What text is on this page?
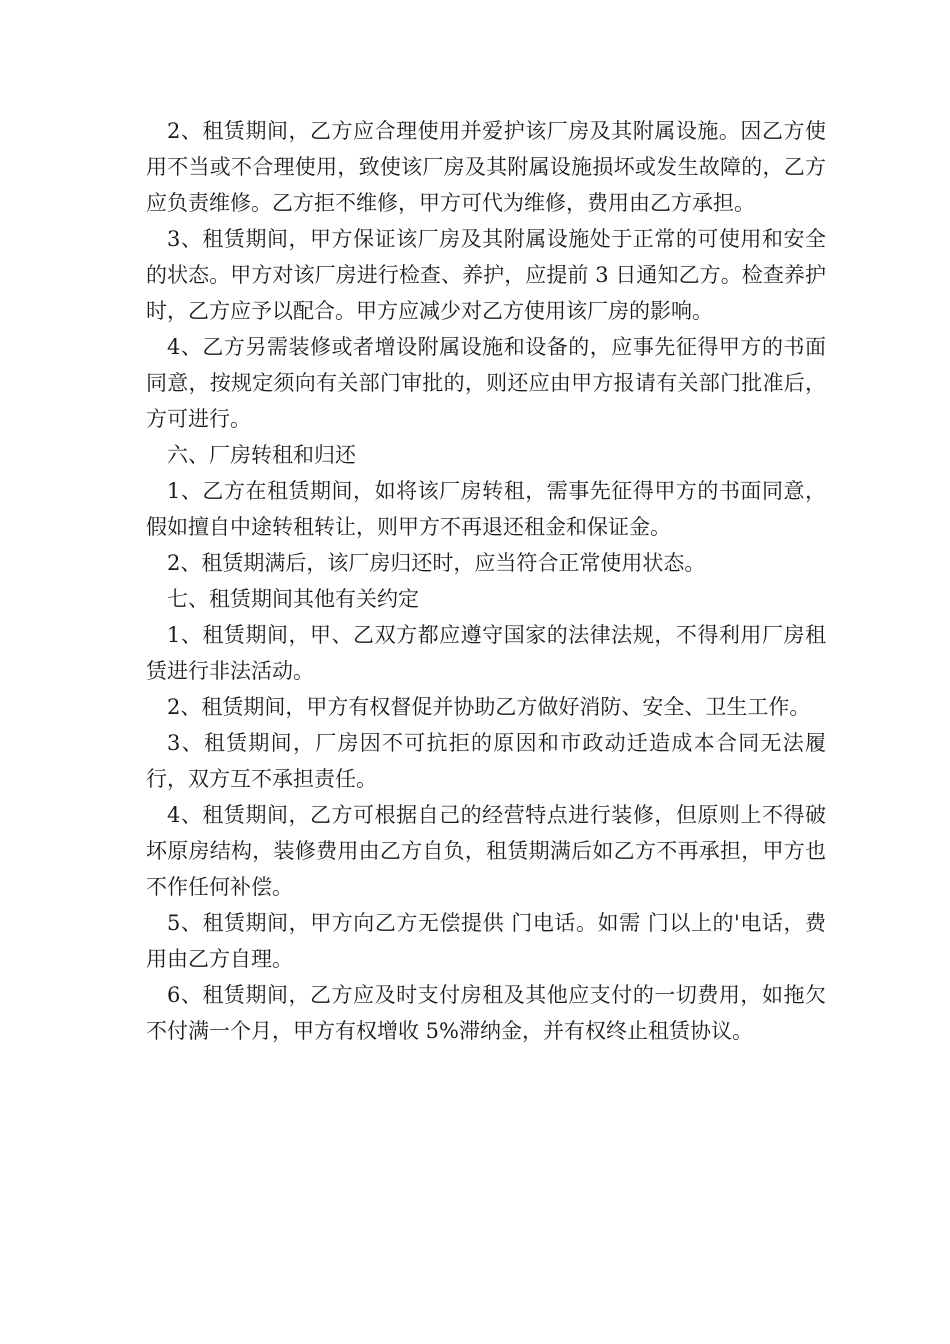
2、租赁期间，乙方应合理使用并爱护该厂房及其附属设施。因乙方使用不当或不合理使用，致使该厂房及其附属设施损坏或发生故障的，乙方应负责维修。乙方拒不维修，甲方可代为维修，费用由乙方承担。

3、租赁期间，甲方保证该厂房及其附属设施处于正常的可使用和安全的状态。甲方对该厂房进行检查、养护，应提前 3 日通知乙方。检查养护时，乙方应予以配合。甲方应减少对乙方使用该厂房的影响。

4、乙方另需装修或者增设附属设施和设备的，应事先征得甲方的书面同意，按规定须向有关部门审批的，则还应由甲方报请有关部门批准后，方可进行。

六、厂房转租和归还

1、乙方在租赁期间，如将该厂房转租，需事先征得甲方的书面同意，假如擅自中途转租转让，则甲方不再退还租金和保证金。

2、租赁期满后，该厂房归还时，应当符合正常使用状态。

七、租赁期间其他有关约定

1、租赁期间，甲、乙双方都应遵守国家的法律法规，不得利用厂房租赁进行非法活动。

2、租赁期间，甲方有权督促并协助乙方做好消防、安全、卫生工作。

3、租赁期间，厂房因不可抗拒的原因和市政动迁造成本合同无法履行，双方互不承担责任。

4、租赁期间，乙方可根据自己的经营特点进行装修，但原则上不得破坏原房结构，装修费用由乙方自负，租赁期满后如乙方不再承担，甲方也不作任何补偿。

5、租赁期间，甲方向乙方无偿提供 门电话。如需 门以上的'电话，费用由乙方自理。

6、租赁期间，乙方应及时支付房租及其他应支付的一切费用，如拖欠不付满一个月，甲方有权增收 5%滞纳金，并有权终止租赁协议。
